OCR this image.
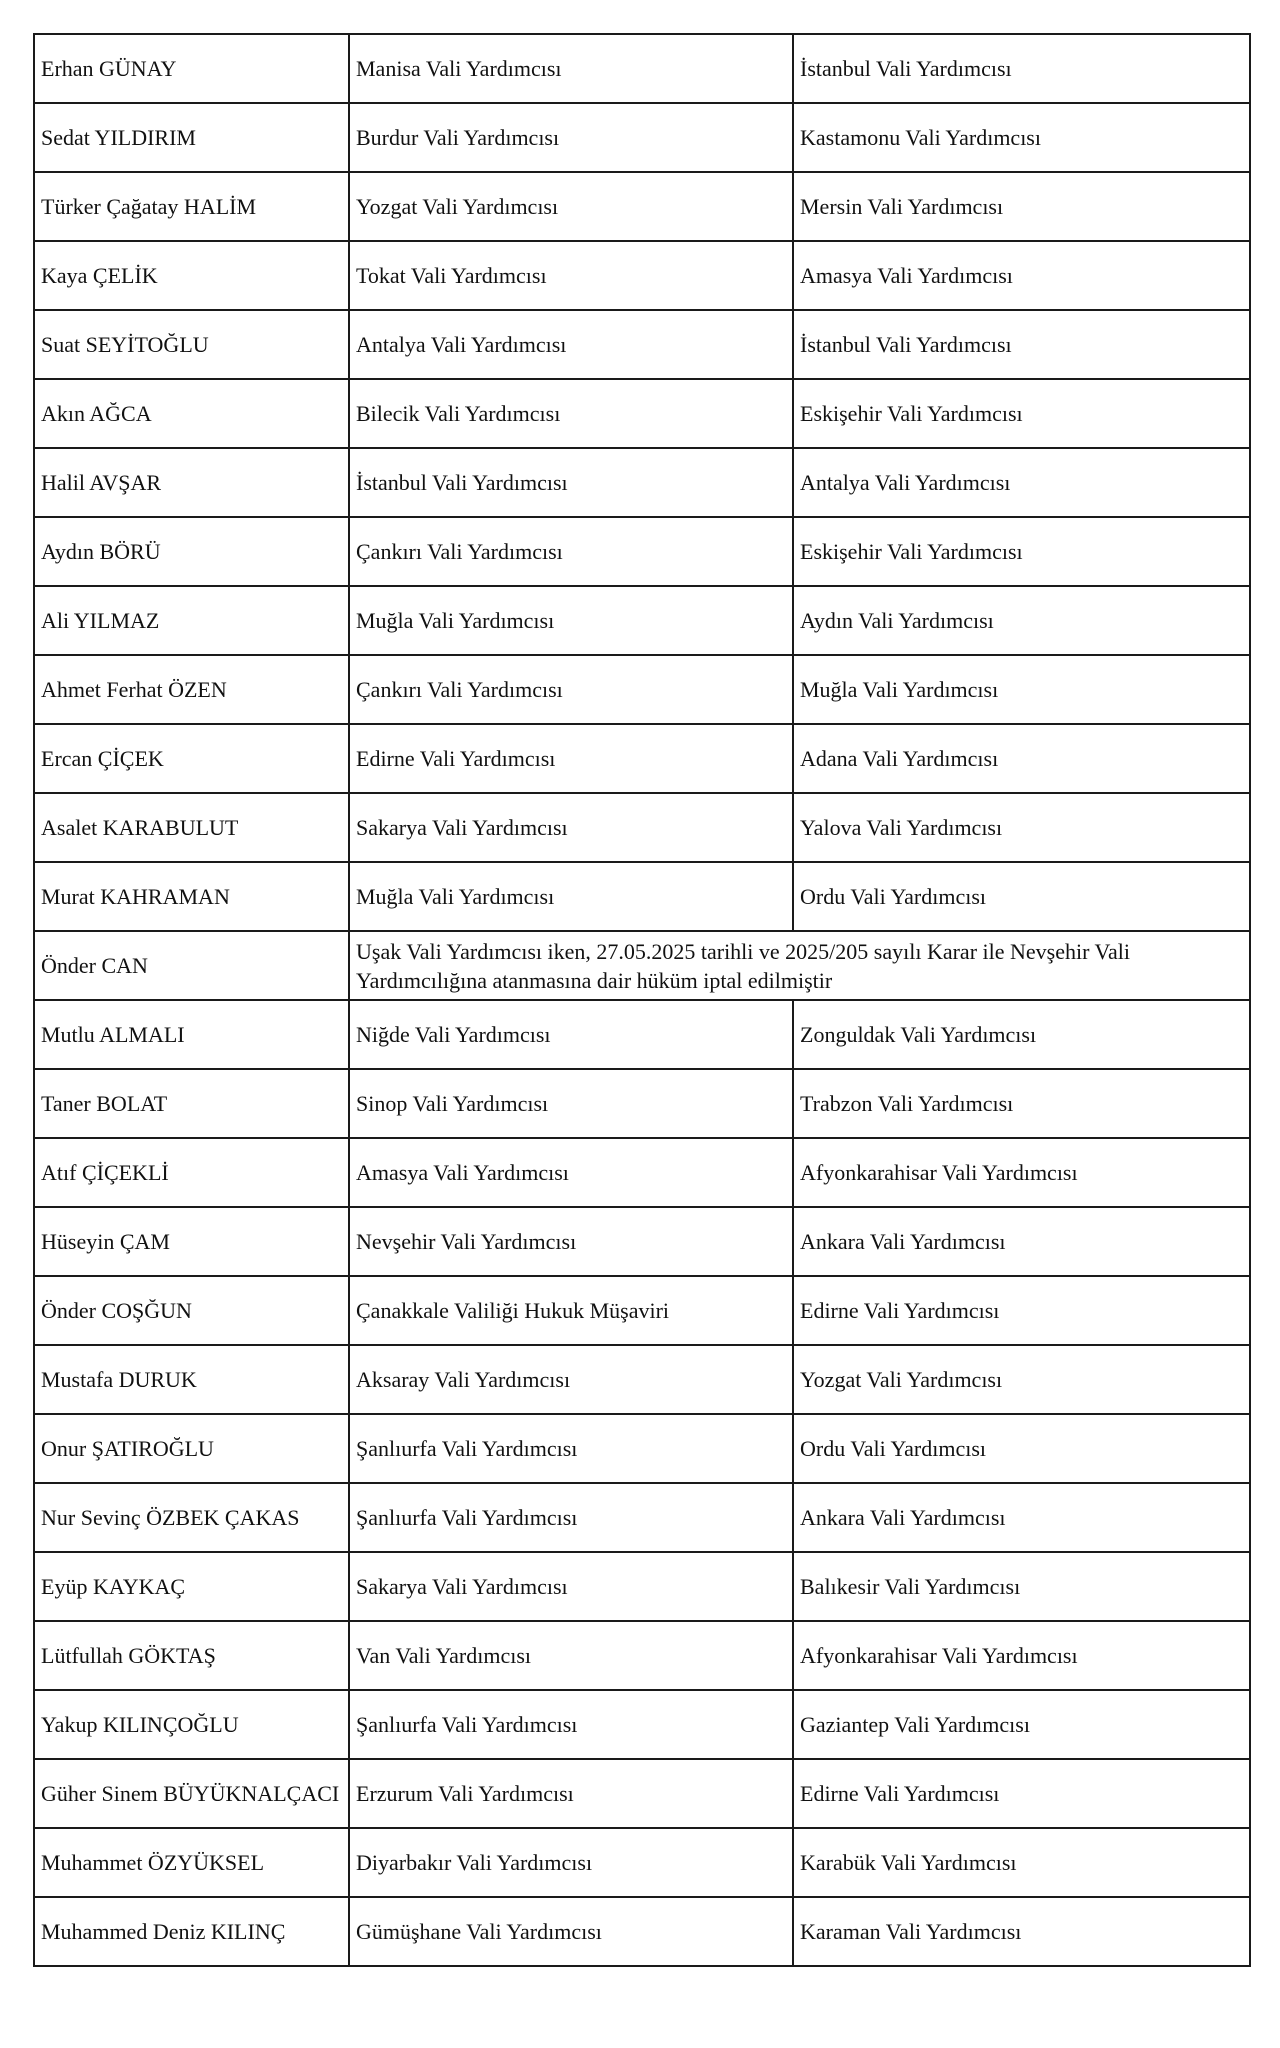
Erhan GÜNAY	Manisa Vali Yardımcısı	İstanbul Vali Yardımcısı
Sedat YILDIRIM	Burdur Vali Yardımcısı	Kastamonu Vali Yardımcısı
Türker Çağatay HALİM	Yozgat Vali Yardımcısı	Mersin Vali Yardımcısı
Kaya ÇELİK	Tokat Vali Yardımcısı	Amasya Vali Yardımcısı
Suat SEYİTOĞLU	Antalya Vali Yardımcısı	İstanbul Vali Yardımcısı
Akın AĞCA	Bilecik Vali Yardımcısı	Eskişehir Vali Yardımcısı
Halil AVŞAR	İstanbul Vali Yardımcısı	Antalya Vali Yardımcısı
Aydın BÖRÜ	Çankırı Vali Yardımcısı	Eskişehir Vali Yardımcısı
Ali YILMAZ	Muğla Vali Yardımcısı	Aydın Vali Yardımcısı
Ahmet Ferhat ÖZEN	Çankırı Vali Yardımcısı	Muğla Vali Yardımcısı
Ercan ÇİÇEK	Edirne Vali Yardımcısı	Adana Vali Yardımcısı
Asalet KARABULUT	Sakarya Vali Yardımcısı	Yalova Vali Yardımcısı
Murat KAHRAMAN	Muğla Vali Yardımcısı	Ordu Vali Yardımcısı
Önder CAN	Uşak Vali Yardımcısı iken, 27.05.2025 tarihli ve 2025/205 sayılı Karar ile Nevşehir Vali Yardımcılığına atanmasına dair hüküm iptal edilmiştir	
Mutlu ALMALI	Niğde Vali Yardımcısı	Zonguldak Vali Yardımcısı
Taner BOLAT	Sinop Vali Yardımcısı	Trabzon Vali Yardımcısı
Atıf ÇİÇEKLİ	Amasya Vali Yardımcısı	Afyonkarahisar Vali Yardımcısı
Hüseyin ÇAM	Nevşehir Vali Yardımcısı	Ankara Vali Yardımcısı
Önder COŞĞUN	Çanakkale Valiliği Hukuk Müşaviri	Edirne Vali Yardımcısı
Mustafa DURUK	Aksaray Vali Yardımcısı	Yozgat Vali Yardımcısı
Onur ŞATIROĞLU	Şanlıurfa Vali Yardımcısı	Ordu Vali Yardımcısı
Nur Sevinç ÖZBEK ÇAKAS	Şanlıurfa Vali Yardımcısı	Ankara Vali Yardımcısı
Eyüp KAYKAÇ	Sakarya Vali Yardımcısı	Balıkesir Vali Yardımcısı
Lütfullah GÖKTAŞ	Van Vali Yardımcısı	Afyonkarahisar Vali Yardımcısı
Yakup KILINÇOĞLU	Şanlıurfa Vali Yardımcısı	Gaziantep Vali Yardımcısı
Güher Sinem BÜYÜKNALÇACI	Erzurum Vali Yardımcısı	Edirne Vali Yardımcısı
Muhammet ÖZYÜKSEL	Diyarbakır Vali Yardımcısı	Karabük Vali Yardımcısı
Muhammed Deniz KILINÇ	Gümüşhane Vali Yardımcısı	Karaman Vali Yardımcısı
